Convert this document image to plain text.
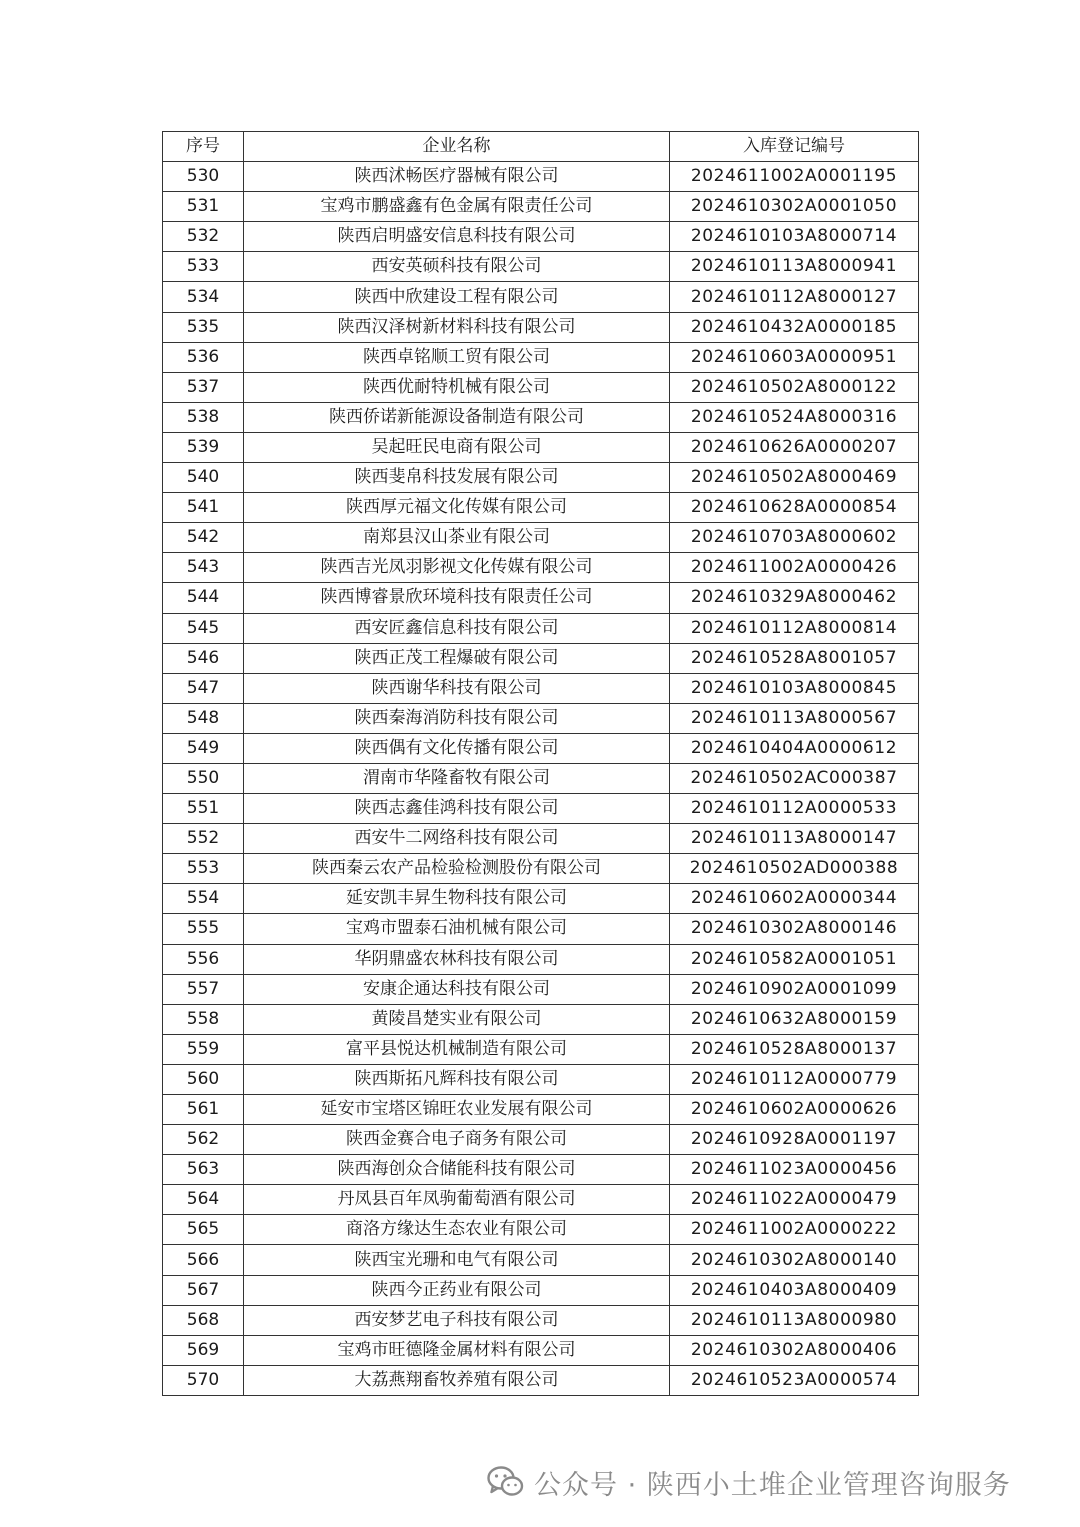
序号	企业名称	入库登记编号
530	陕西沭畅医疗器械有限公司	2024611002A0001195
531	宝鸡市鹏盛鑫有色金属有限责任公司	2024610302A0001050
532	陕西启明盛安信息科技有限公司	2024610103A8000714
533	西安英硕科技有限公司	2024610113A8000941
534	陕西中欣建设工程有限公司	2024610112A8000127
535	陕西汉泽树新材料科技有限公司	2024610432A0000185
536	陕西卓铭顺工贸有限公司	2024610603A0000951
537	陕西优耐特机械有限公司	2024610502A8000122
538	陕西侨诺新能源设备制造有限公司	2024610524A8000316
539	吴起旺民电商有限公司	2024610626A0000207
540	陕西斐帛科技发展有限公司	2024610502A8000469
541	陕西厚元福文化传媒有限公司	2024610628A0000854
542	南郑县汉山茶业有限公司	2024610703A8000602
543	陕西吉光凤羽影视文化传媒有限公司	2024611002A0000426
544	陕西博睿景欣环境科技有限责任公司	2024610329A8000462
545	西安匠鑫信息科技有限公司	2024610112A8000814
546	陕西正茂工程爆破有限公司	2024610528A8001057
547	陕西谢华科技有限公司	2024610103A8000845
548	陕西秦海消防科技有限公司	2024610113A8000567
549	陕西偶有文化传播有限公司	2024610404A0000612
550	渭南市华隆畜牧有限公司	2024610502AC000387
551	陕西志鑫佳鸿科技有限公司	2024610112A0000533
552	西安牛二网络科技有限公司	2024610113A8000147
553	陕西秦云农产品检验检测股份有限公司	2024610502AD000388
554	延安凯丰昇生物科技有限公司	2024610602A0000344
555	宝鸡市盟泰石油机械有限公司	2024610302A8000146
556	华阴鼎盛农林科技有限公司	2024610582A0001051
557	安康企通达科技有限公司	2024610902A0001099
558	黄陵昌楚实业有限公司	2024610632A8000159
559	富平县悦达机械制造有限公司	2024610528A8000137
560	陕西斯拓凡辉科技有限公司	2024610112A0000779
561	延安市宝塔区锦旺农业发展有限公司	2024610602A0000626
562	陕西金赛合电子商务有限公司	2024610928A0001197
563	陕西海创众合储能科技有限公司	2024611023A0000456
564	丹凤县百年凤驹葡萄酒有限公司	2024611022A0000479
565	商洛方缘达生态农业有限公司	2024611002A0000222
566	陕西宝光珊和电气有限公司	2024610302A8000140
567	陕西今正药业有限公司	2024610403A8000409
568	西安梦艺电子科技有限公司	2024610113A8000980
569	宝鸡市旺德隆金属材料有限公司	2024610302A8000406
570	大荔燕翔畜牧养殖有限公司	2024610523A0000574
公众号 · 陕西小土堆企业管理咨询服务
